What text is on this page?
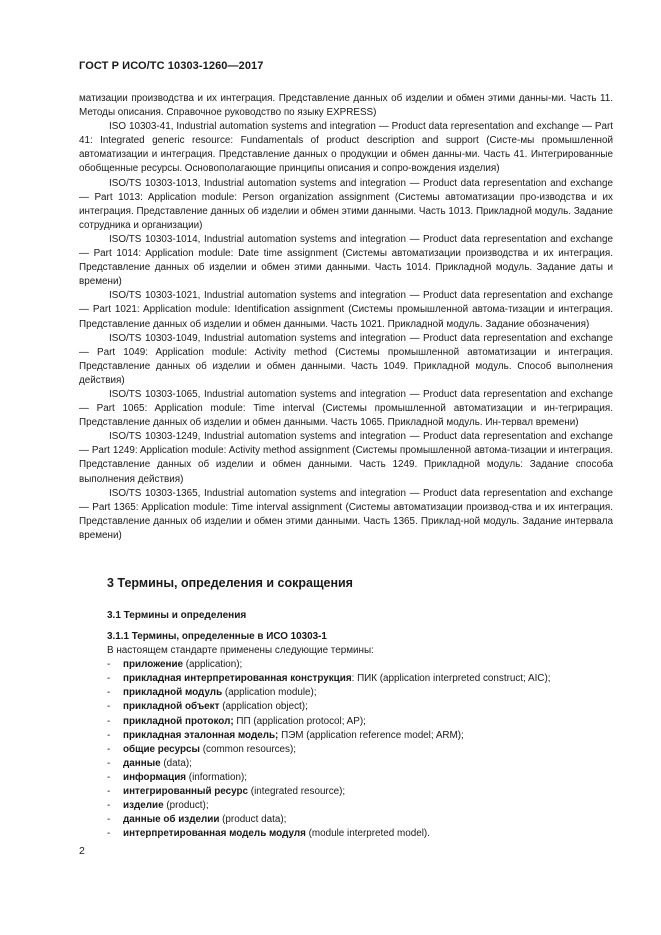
ГОСТ Р ИСО/ТС 10303-1260—2017

матизации производства и их интеграция. Представление данных об изделии и обмен этими данны-ми. Часть 11. Методы описания. Справочное руководство по языку EXPRESS)

ISO 10303-41, Industrial automation systems and integration — Product data representation and exchange — Part 41: Integrated generic resource: Fundamentals of product description and support (Систе-мы промышленной автоматизации и интеграция. Представление данных о продукции и обмен данны-ми. Часть 41. Интегрированные обобщенные ресурсы. Основополагающие принципы описания и сопро-вождения изделия)

ISO/TS 10303-1013, Industrial automation systems and integration — Product data representation and exchange — Part 1013: Application module: Person organization assignment (Системы автоматизации про-изводства и их интеграция. Представление данных об изделии и обмен этими данными. Часть 1013. Прикладной модуль. Задание сотрудника и организации)

ISO/TS 10303-1014, Industrial automation systems and integration — Product data representation and exchange — Part 1014: Application module: Date time assignment (Системы автоматизации производства и их интеграция. Представление данных об изделии и обмен этими данными. Часть 1014. Прикладной модуль. Задание даты и времени)

ISO/TS 10303-1021, Industrial automation systems and integration — Product data representation and exchange — Part 1021: Application module: Identification assignment (Системы промышленной автома-тизации и интеграция. Представление данных об изделии и обмен данными. Часть 1021. Прикладной модуль. Задание обозначения)

ISO/TS 10303-1049, Industrial automation systems and integration — Product data representation and exchange — Part 1049: Application module: Activity method (Системы промышленной автоматизации и интеграция. Представление данных об изделии и обмен данными. Часть 1049. Прикладной модуль. Способ выполнения действия)

ISO/TS 10303-1065, Industrial automation systems and integration — Product data representation and exchange — Part 1065: Application module: Time interval (Системы промышленной автоматизации и ин-тегрирация. Представление данных об изделии и обмен данными. Часть 1065. Прикладной модуль. Ин-тервал времени)

ISO/TS 10303-1249, Industrial automation systems and integration — Product data representation and exchange — Part 1249: Application module: Activity method assignment (Системы промышленной автома-тизации и интеграция. Представление данных об изделии и обмен данными. Часть 1249. Прикладной модуль: Задание способа выполнения действия)

ISO/TS 10303-1365, Industrial automation systems and integration — Product data representation and exchange — Part 1365: Application module: Time interval assignment (Системы автоматизации производ-ства и их интеграция. Представление данных об изделии и обмен этими данными. Часть 1365. Приклад-ной модуль. Задание интервала времени)

3 Термины, определения и сокращения
3.1 Термины и определения
3.1.1 Термины, определенные в ИСО 10303-1
В настоящем стандарте применены следующие термины:
- приложение (application);
- прикладная интерпретированная конструкция: ПИК (application interpreted construct; AIC);
- прикладной модуль (application module);
- прикладной объект (application object);
- прикладной протокол; ПП (application protocol; AP);
- прикладная эталонная модель; ПЭМ (application reference model; ARM);
- общие ресурсы (common resources);
- данные (data);
- информация (information);
- интегрированный ресурс (integrated resource);
- изделие (product);
- данные об изделии (product data);
- интерпретированная модель модуля (module interpreted model).
2
